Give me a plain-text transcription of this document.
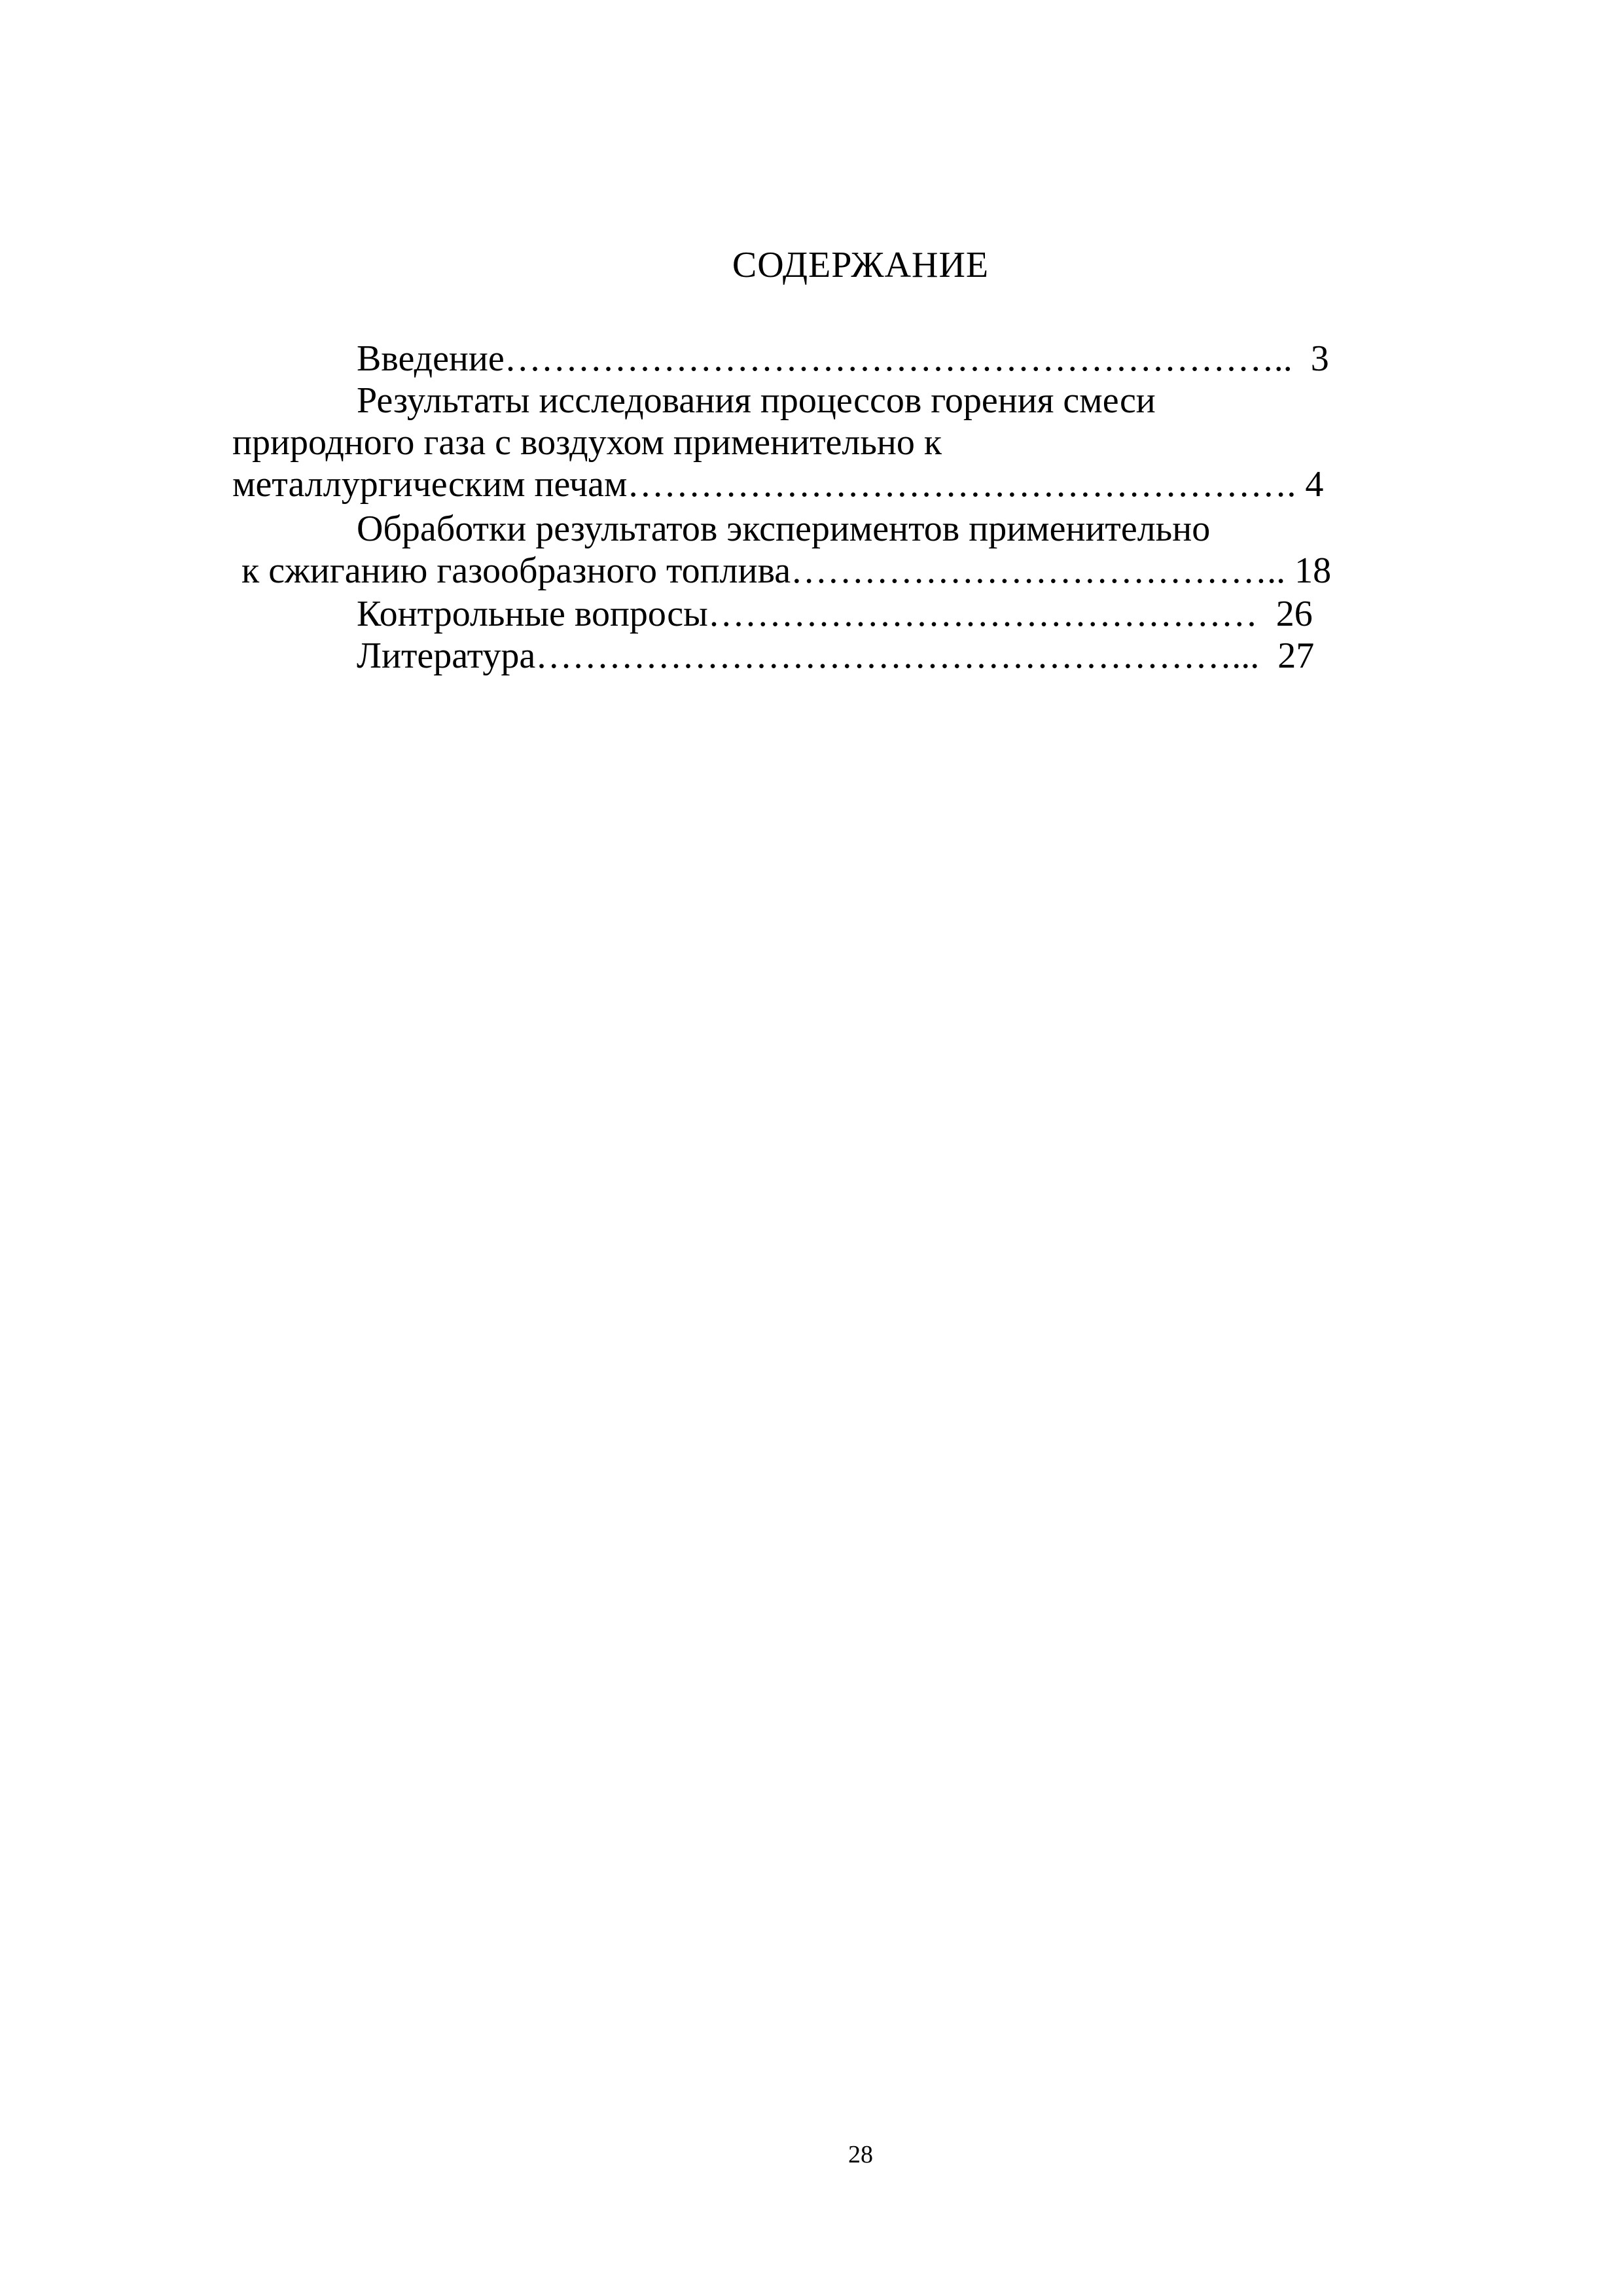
СОДЕРЖАНИЕ
Введение………………………………………………………..  3
Результаты исследования процессов горения смеси
природного газа с воздухом применительно к
металлургическим печам………………………………………………. 4
Обработки результатов экспериментов применительно
к сжиганию газообразного топлива………………………………….. 18
Контрольные вопросы………………………………………  26
Литература…………………………………………………...  27
28
